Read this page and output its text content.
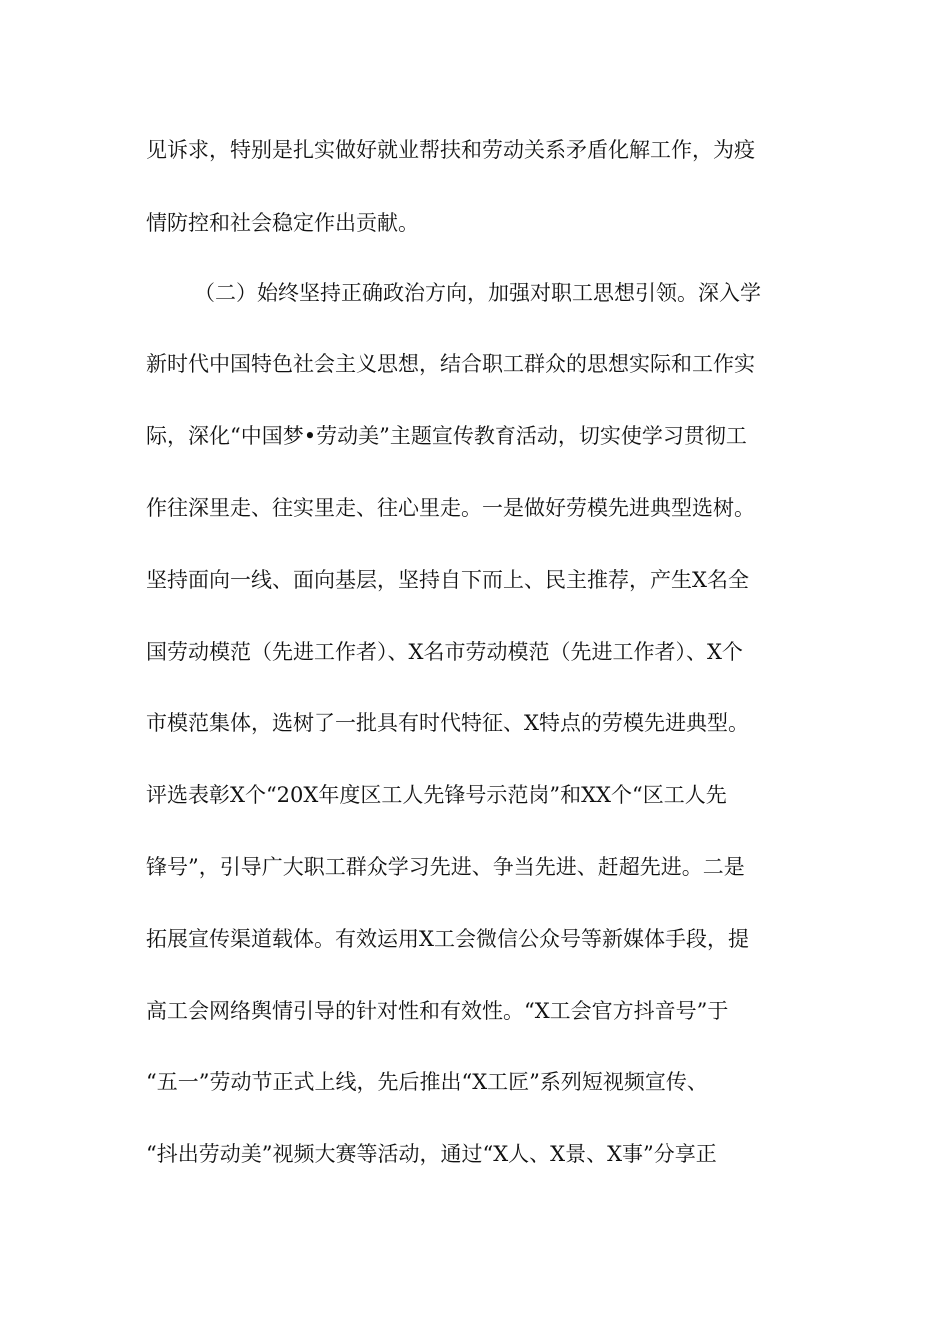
见诉求，特别是扎实做好就业帮扶和劳动关系矛盾化解工作，为疫
情防控和社会稳定作出贡献。
（二）始终坚持正确政治方向，加强对职工思想引领。深入学
新时代中国特色社会主义思想，结合职工群众的思想实际和工作实
际，深化“中国梦•劳动美”主题宣传教育活动，切实使学习贯彻工
作往深里走、往实里走、往心里走。一是做好劳模先进典型选树。
坚持面向一线、面向基层，坚持自下而上、民主推荐，产生X名全
国劳动模范（先进工作者）、X名市劳动模范（先进工作者）、X个
市模范集体，选树了一批具有时代特征、X特点的劳模先进典型。
评选表彰X个“20X年度区工人先锋号示范岗”和XX个“区工人先
锋号”，引导广大职工群众学习先进、争当先进、赶超先进。二是
拓展宣传渠道载体。有效运用X工会微信公众号等新媒体手段，提
高工会网络舆情引导的针对性和有效性。“X工会官方抖音号”于
“五一”劳动节正式上线，先后推出“X工匠”系列短视频宣传、
“抖出劳动美”视频大赛等活动，通过“X人、X景、X事”分享正
